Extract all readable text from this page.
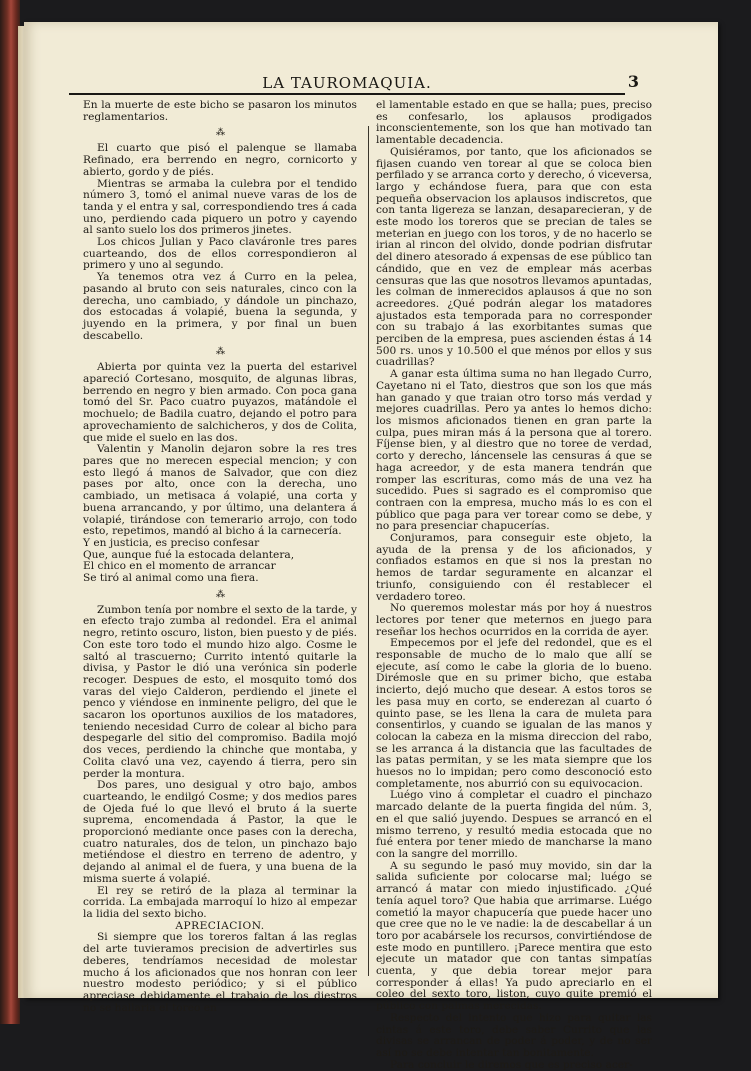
LA TAUROMAQUIA.	3

En la muerte de este bicho se pasaron los minutos reglamentarios.

⁂

El cuarto que pisó el palenque se llamaba Refinado, era berrendo en negro, cornicorto y abierto, gordo y de piés.

Mientras se armaba la culebra por el tendido número 3, tomó el animal nueve varas de los de tanda y el entra y sal, correspondiendo tres á cada uno, perdiendo cada piquero un potro y cayendo al santo suelo los dos primeros jinetes.

Los chicos Julian y Paco claváronle tres pares cuarteando, dos de ellos correspondieron al primero y uno al segundo.

Ya tenemos otra vez á Curro en la pelea, pasando al bruto con seis naturales, cinco con la derecha, uno cambiado, y dándole un pinchazo, dos estocadas á volapié, buena la segunda, y juyendo en la primera, y por final un buen descabello.

⁂

Abierta por quinta vez la puerta del estarivel apareció Cortesano, mosquito, de algunas libras, berrendo en negro y bien armado. Con poca gana tomó del Sr. Paco cuatro puyazos, matándole el mochuelo; de Badila cuatro, dejando el potro para aprovechamiento de salchicheros, y dos de Colita, que mide el suelo en las dos.

Valentin y Manolin dejaron sobre la res tres pares que no merecen especial mencion; y con esto llegó á manos de Salvador, que con diez pases por alto, once con la derecha, uno cambiado, un metisaca á volapié, una corta y buena arrancando, y por último, una delantera á volapié, tirándose con temerario arrojo, con todo esto, repetimos, mandó al bicho á la carnecería.

Y en justicia, es preciso confesar

Que, aunque fué la estocada delantera,

El chico en el momento de arrancar

Se tiró al animal como una fiera.

⁂

Zumbon tenía por nombre el sexto de la tarde, y en efecto trajo zumba al redondel. Era el animal negro, retinto oscuro, liston, bien puesto y de piés. Con este toro todo el mundo hizo algo. Cosme le saltó al trascuerno; Currito intentó quitarle la divisa, y Pastor le dió una verónica sin poderle recoger. Despues de esto, el mosquito tomó dos varas del viejo Calderon, perdiendo el jinete el penco y viéndose en inminente peligro, del que le sacaron los oportunos auxilios de los matadores, teniendo necesidad Curro de colear al bicho para despegarle del sitio del compromiso. Badila mojó dos veces, perdiendo la chinche que montaba, y Colita clavó una vez, cayendo á tierra, pero sin perder la montura.

Dos pares, uno desigual y otro bajo, ambos cuarteando, le endilgó Cosme; y dos medios pares de Ojeda fué lo que llevó el bruto á la suerte suprema, encomendada á Pastor, la que le proporcionó mediante once pases con la derecha, cuatro naturales, dos de telon, un pinchazo bajo metiéndose el diestro en terreno de adentro, y dejando al animal el de fuera, y una buena de la misma suerte á volapié.

El rey se retiró de la plaza al terminar la corrida. La embajada marroquí lo hizo al empezar la lidia del sexto bicho.

APRECIACION.

Si siempre que los toreros faltan á las reglas del arte tuvieramos precision de advertirles sus deberes, tendríamos necesidad de molestar mucho á los aficionados que nos honran con leer nuestro modesto periódico; y si el público apreciase debidamente el trabajo de los diestros no se hallaria el toreo en

el lamentable estado en que se halla; pues, preciso es confesarlo, los aplausos prodigados inconscientemente, son los que han motivado tan lamentable decadencia.

Quisiéramos, por tanto, que los aficionados se fijasen cuando ven torear al que se coloca bien perfilado y se arranca corto y derecho, ó viceversa, largo y echándose fuera, para que con esta pequeña observacion los aplausos indiscretos, que con tanta ligereza se lanzan, desaparecieran, y de este modo los toreros que se precian de tales se meterian en juego con los toros, y de no hacerlo se irian al rincon del olvido, donde podrian disfrutar del dinero atesorado á expensas de ese público tan cándido, que en vez de emplear más acerbas censuras que las que nosotros llevamos apuntadas, les colman de inmerecidos aplausos á que no son acreedores. ¿Qué podrán alegar los matadores ajustados esta temporada para no corresponder con su trabajo á las exorbitantes sumas que perciben de la empresa, pues ascienden éstas á 14 500 rs. unos y 10.500 el que ménos por ellos y sus cuadrillas?

A ganar esta última suma no han llegado Curro, Cayetano ni el Tato, diestros que son los que más han ganado y que traian otro torso más verdad y mejores cuadrillas. Pero ya antes lo hemos dicho: los mismos aficionados tienen en gran parte la culpa, pues miran más á la persona que al torero. Fíjense bien, y al diestro que no toree de verdad, corto y derecho, láncensele las censuras á que se haga acreedor, y de esta manera tendrán que romper las escrituras, como más de una vez ha sucedido. Pues si sagrado es el compromiso que contraen con la empresa, mucho más lo es con el público que paga para ver torear como se debe, y no para presenciar chapucerías.

Conjuramos, para conseguir este objeto, la ayuda de la prensa y de los aficionados, y confiados estamos en que si nos la prestan no hemos de tardar seguramente en alcanzar el triunfo, consiguiendo con él restablecer el verdadero toreo.

No queremos molestar más por hoy á nuestros lectores por tener que meternos en juego para reseñar los hechos ocurridos en la corrida de ayer.

Empecemos por el jefe del redondel, que es el responsable de mucho de lo malo que allí se ejecute, así como le cabe la gloria de lo bueno. Dirémosle que en su primer bicho, que estaba incierto, dejó mucho que desear. A estos toros se les pasa muy en corto, se enderezan al cuarto ó quinto pase, se les llena la cara de muleta para consentirlos, y cuando se igualan de las manos y colocan la cabeza en la misma direccion del rabo, se les arranca á la distancia que las facultades de las patas permitan, y se les mata siempre que los huesos no lo impidan; pero como desconoció esto completamente, nos aburrió con su equivocacion.

Luégo vino á completar el cuadro el pinchazo marcado delante de la puerta fingida del núm. 3, en el que salió juyendo. Despues se arrancó en el mismo terreno, y resultó media estocada que no fué entera por tener miedo de mancharse la mano con la sangre del morrillo.

A su segundo le pasó muy movido, sin dar la salida suficiente por colocarse mal; luégo se arrancó á matar con miedo injustificado. ¿Qué tenía aquel toro? Que habia que arrimarse. Luégo cometió la mayor chapucería que puede hacer uno que cree que no le ve nadie: la de descabellar á un toro por acabársele los recursos, convirtiéndose de este modo en puntillero. ¡Parece mentira que esto ejecute un matador que con tantas simpatías cuenta, y que debia torear mejor para corresponder á ellas! Ya pudo apreciarlo en el coleo del sexto toro, liston, cuyo quite premió el público con palmas merecidas.

Respecto del intento que hizo para quitar las cintas á este toro, debe saber Currito que las divisas se arrancan de poder á poder, y de no ser así no se debe intentar tan bonitamente.

Para concluir le diremos que es preciso acer-
